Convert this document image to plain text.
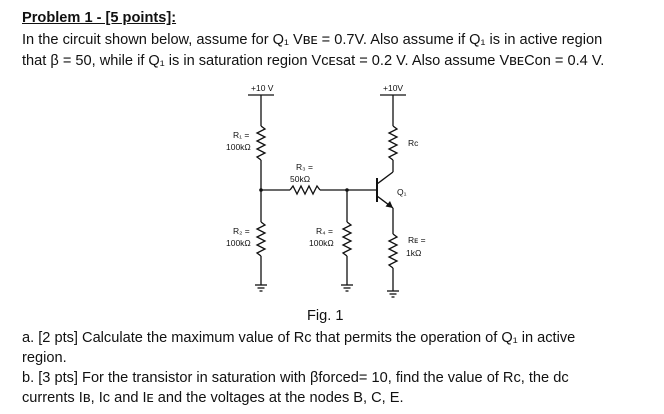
Problem 1 - [5 points]:

In the circuit shown below, assume for Q₁ Vʙᴇ = 0.7V. Also assume if Q₁ is in active region

that β = 50, while if Q₁ is in saturation region Vᴄᴇsat = 0.2 V. Also assume VʙᴇCon = 0.4 V.

+10 V
R₁ =
100kΩ
R₂ =
100kΩ
R₃ =
50kΩ
R₄ =
100kΩ
Q₁
+10V
Rc
Rᴇ =
1kΩ
Fig. 1

a. [2 pts] Calculate the maximum value of Rc that permits the operation of Q₁ in active

region.

b. [3 pts] For the transistor in saturation with βforced= 10, find the value of Rc, the dc

currents Iʙ, Ic and Iᴇ and the voltages at the nodes B, C, E.
